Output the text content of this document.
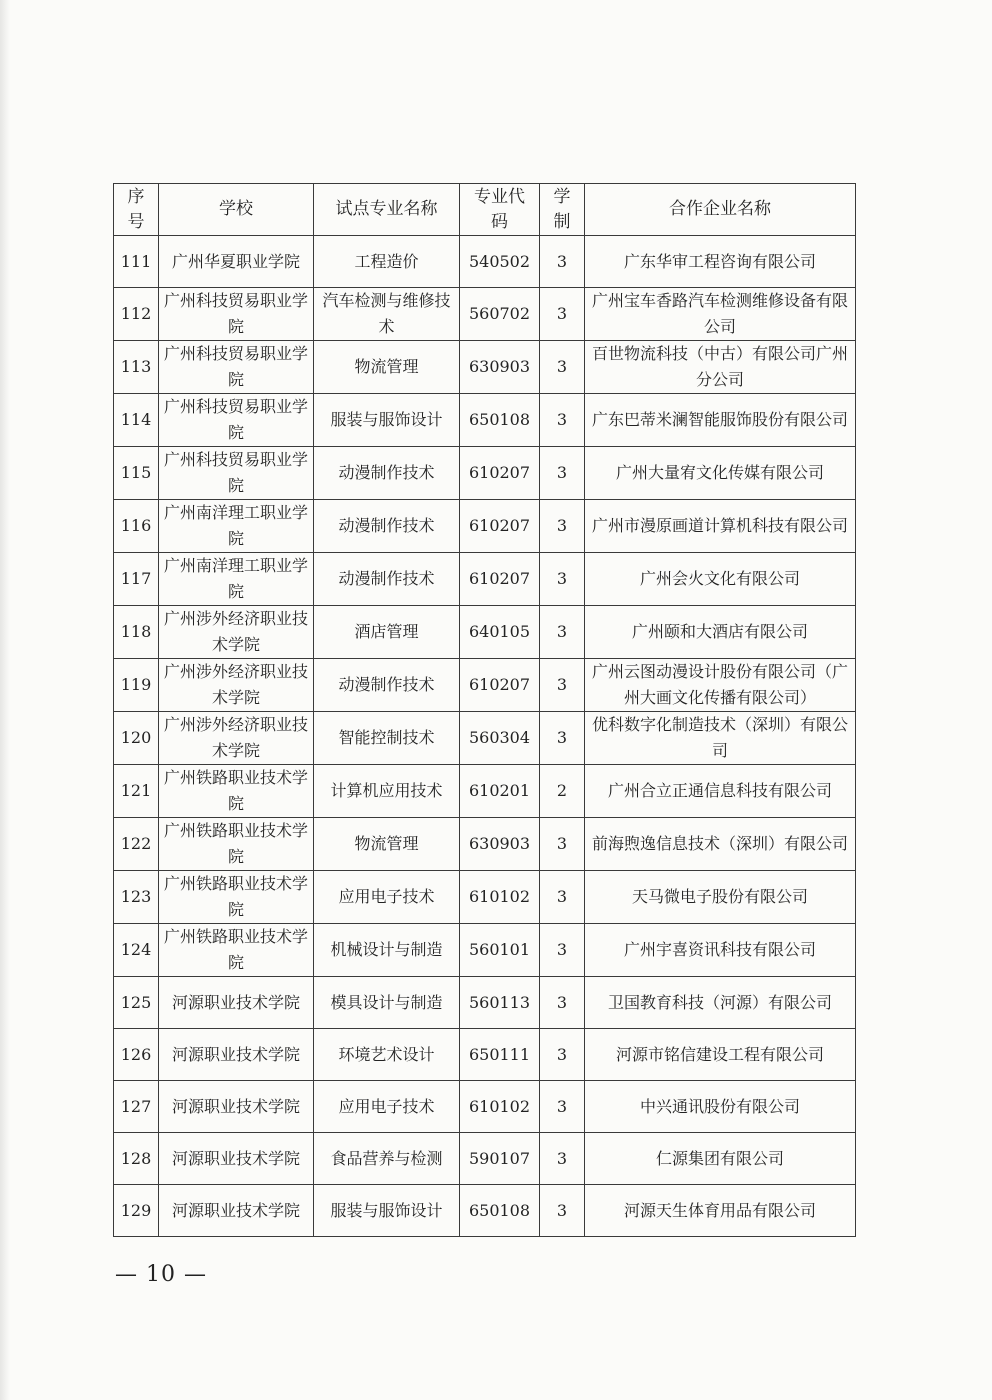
序号	学校	试点专业名称	专业代码	学制	合作企业名称
111	广州华夏职业学院	工程造价	540502	3	广东华审工程咨询有限公司
112	广州科技贸易职业学院	汽车检测与维修技术	560702	3	广州宝车香路汽车检测维修设备有限公司
113	广州科技贸易职业学院	物流管理	630903	3	百世物流科技（中古）有限公司广州分公司
114	广州科技贸易职业学院	服装与服饰设计	650108	3	广东巴蒂米澜智能服饰股份有限公司
115	广州科技贸易职业学院	动漫制作技术	610207	3	广州大量宥文化传媒有限公司
116	广州南洋理工职业学院	动漫制作技术	610207	3	广州市漫原画道计算机科技有限公司
117	广州南洋理工职业学院	动漫制作技术	610207	3	广州会火文化有限公司
118	广州涉外经济职业技术学院	酒店管理	640105	3	广州颐和大酒店有限公司
119	广州涉外经济职业技术学院	动漫制作技术	610207	3	广州云图动漫设计股份有限公司（广州大画文化传播有限公司）
120	广州涉外经济职业技术学院	智能控制技术	560304	3	优科数字化制造技术（深圳）有限公司
121	广州铁路职业技术学院	计算机应用技术	610201	2	广州合立正通信息科技有限公司
122	广州铁路职业技术学院	物流管理	630903	3	前海煦逸信息技术（深圳）有限公司
123	广州铁路职业技术学院	应用电子技术	610102	3	天马微电子股份有限公司
124	广州铁路职业技术学院	机械设计与制造	560101	3	广州宇喜资讯科技有限公司
125	河源职业技术学院	模具设计与制造	560113	3	卫国教育科技（河源）有限公司
126	河源职业技术学院	环境艺术设计	650111	3	河源市铭信建设工程有限公司
127	河源职业技术学院	应用电子技术	610102	3	中兴通讯股份有限公司
128	河源职业技术学院	食品营养与检测	590107	3	仁源集团有限公司
129	河源职业技术学院	服装与服饰设计	650108	3	河源天生体育用品有限公司
— 10 —
